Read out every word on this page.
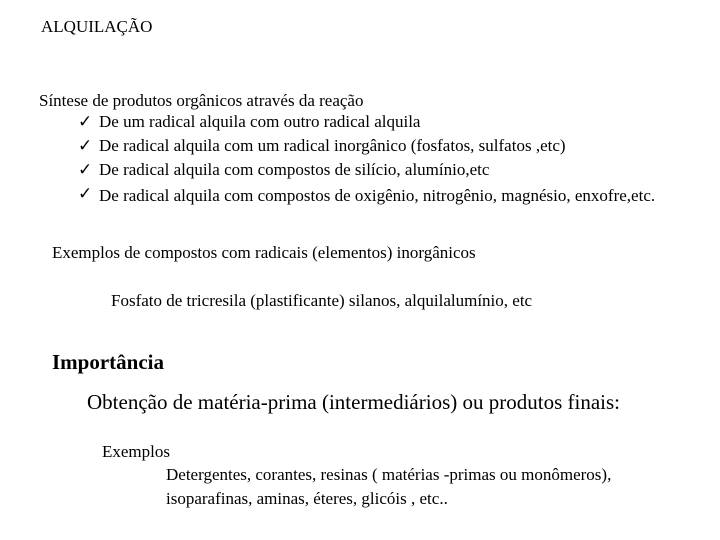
ALQUILAÇÃO
Síntese de produtos orgânicos através da reação
✓ De um radical alquila com outro radical alquila
✓ De radical alquila com um radical inorgânico (fosfatos, sulfatos ,etc)
✓ De radical alquila com compostos de silício, alumínio,etc
✓ De radical alquila com compostos de oxigênio, nitrogênio, magnésio, enxofre,etc.
Exemplos de compostos com radicais (elementos) inorgânicos
Fosfato de tricresila (plastificante) silanos, alquilalumínio, etc
Importância
Obtenção de matéria-prima (intermediários) ou produtos finais:
Exemplos
Detergentes, corantes, resinas ( matérias -primas ou monômeros),
isoparafinas, aminas, éteres, glicóis , etc..
